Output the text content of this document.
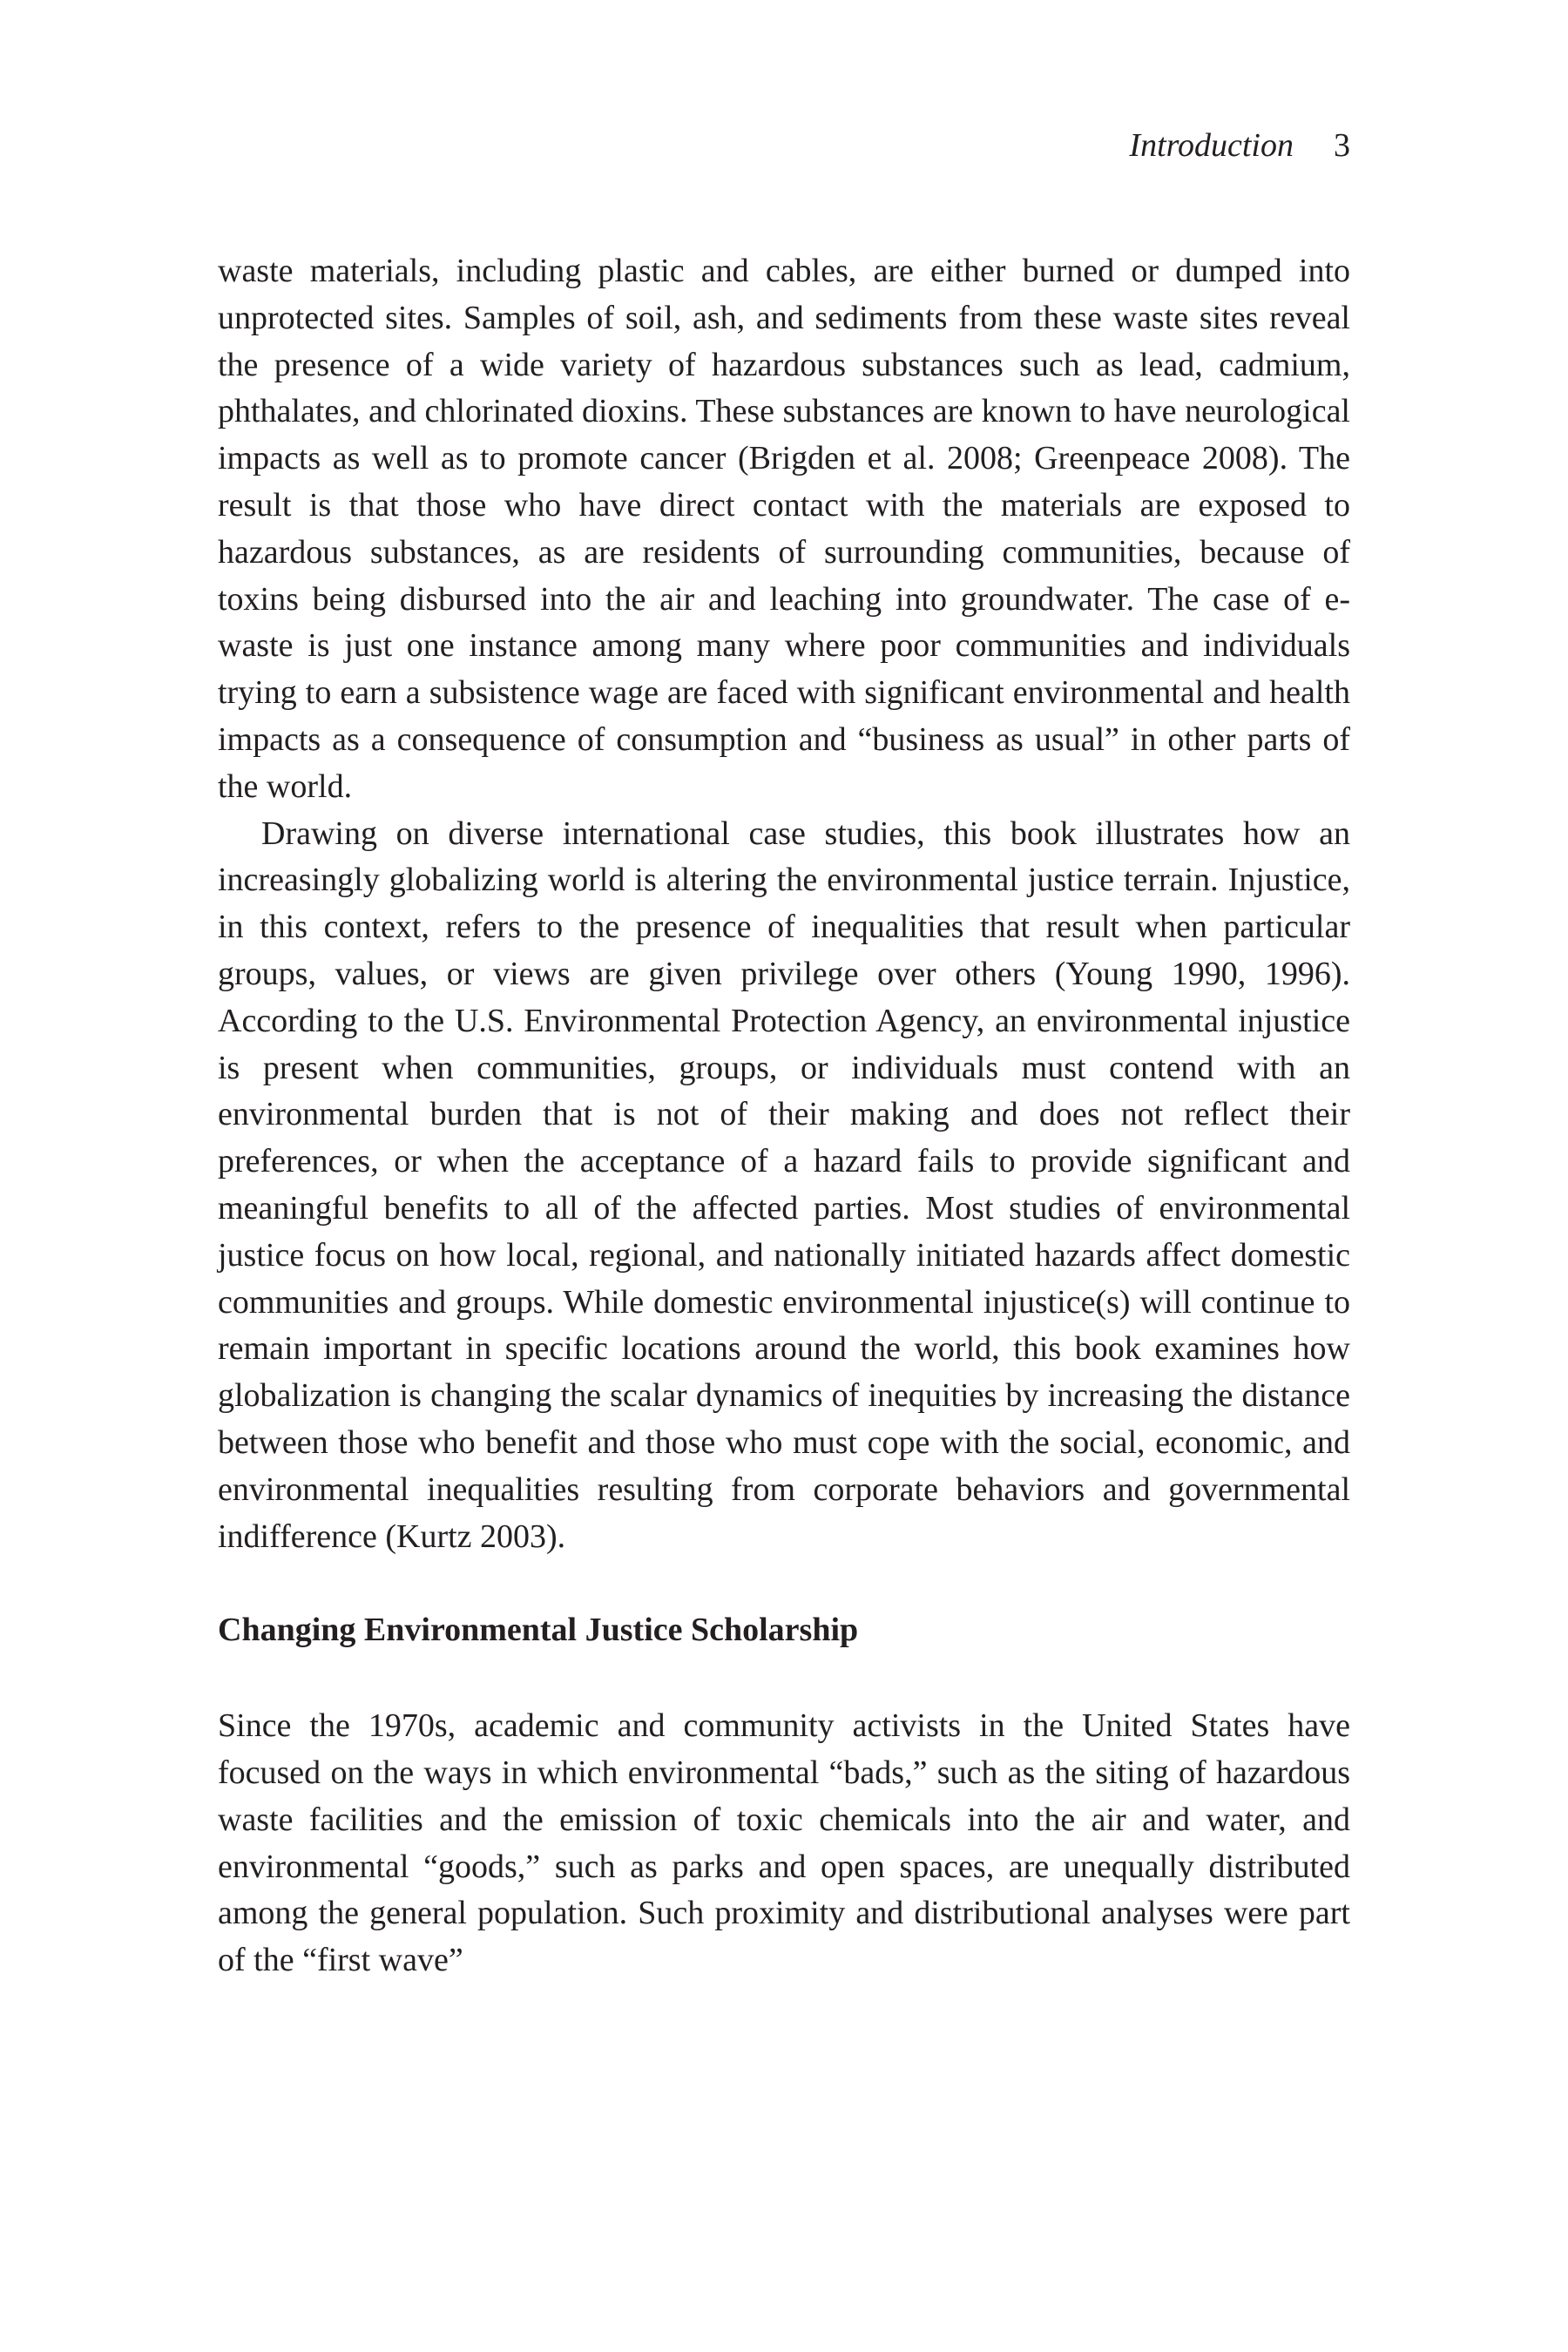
Introduction 3

waste materials, including plastic and cables, are either burned or dumped into unprotected sites. Samples of soil, ash, and sediments from these waste sites reveal the presence of a wide variety of hazardous substances such as lead, cadmium, phthalates, and chlorinated dioxins. These substances are known to have neurological impacts as well as to promote cancer (Brigden et al. 2008; Greenpeace 2008). The result is that those who have direct contact with the materials are exposed to hazardous substances, as are residents of surrounding communities, because of toxins being disbursed into the air and leaching into groundwater. The case of e-waste is just one instance among many where poor communities and individuals trying to earn a subsistence wage are faced with significant environmental and health impacts as a consequence of consumption and “business as usual” in other parts of the world.

Drawing on diverse international case studies, this book illustrates how an increasingly globalizing world is altering the environmental justice terrain. Injustice, in this context, refers to the presence of inequalities that result when particular groups, values, or views are given privilege over others (Young 1990, 1996). According to the U.S. Environmental Protection Agency, an environmental injustice is present when communities, groups, or individuals must contend with an environmental burden that is not of their making and does not reflect their preferences, or when the acceptance of a hazard fails to provide significant and meaningful benefits to all of the affected parties. Most studies of environmental justice focus on how local, regional, and nationally initiated hazards affect domestic communities and groups. While domestic environmental injustice(s) will continue to remain important in specific locations around the world, this book examines how globalization is changing the scalar dynamics of inequities by increasing the distance between those who benefit and those who must cope with the social, economic, and environmental inequalities resulting from corporate behaviors and governmental indifference (Kurtz 2003).

Changing Environmental Justice Scholarship

Since the 1970s, academic and community activists in the United States have focused on the ways in which environmental “bads,” such as the siting of hazardous waste facilities and the emission of toxic chemicals into the air and water, and environmental “goods,” such as parks and open spaces, are unequally distributed among the general population. Such proximity and distributional analyses were part of the “first wave”
